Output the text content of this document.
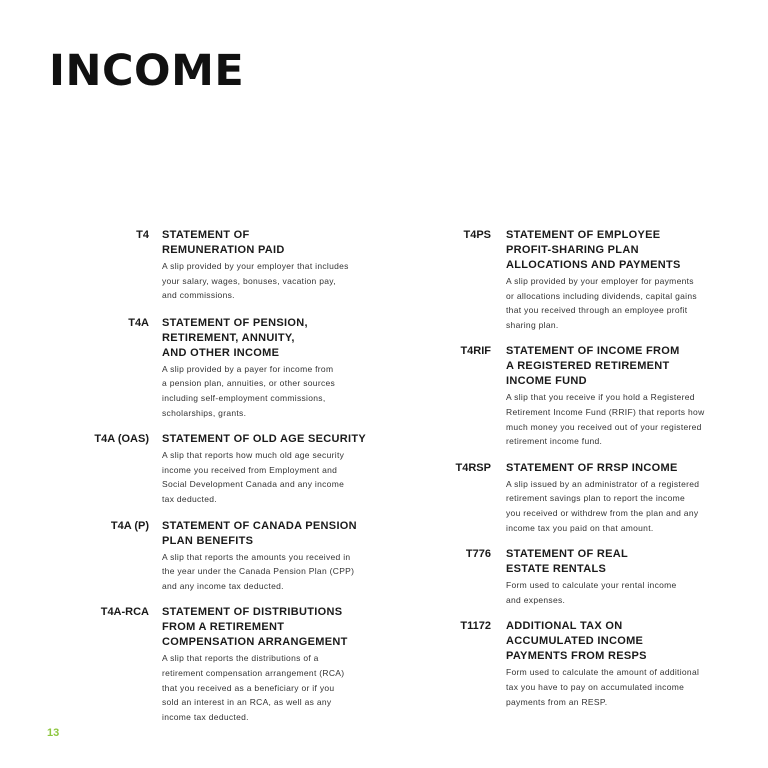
INCOME
T4 STATEMENT OF
REMUNERATION PAID
A slip provided by your employer that includes
your salary, wages, bonuses, vacation pay,
and commissions.
T4A STATEMENT OF PENSION,
RETIREMENT, ANNUITY,
AND OTHER INCOME
A slip provided by a payer for income from
a pension plan, annuities, or other sources
including self-employment commissions,
scholarships, grants.
T4A (OAS) STATEMENT OF OLD AGE SECURITY
A slip that reports how much old age security
income you received from Employment and
Social Development Canada and any income
tax deducted.
T4A (P) STATEMENT OF CANADA PENSION
PLAN BENEFITS
A slip that reports the amounts you received in
the year under the Canada Pension Plan (CPP)
and any income tax deducted.
T4A-RCA STATEMENT OF DISTRIBUTIONS
FROM A RETIREMENT
COMPENSATION ARRANGEMENT
A slip that reports the distributions of a
retirement compensation arrangement (RCA)
that you received as a beneficiary or if you
sold an interest in an RCA, as well as any
income tax deducted.
T4PS STATEMENT OF EMPLOYEE
PROFIT-SHARING PLAN
ALLOCATIONS AND PAYMENTS
A slip provided by your employer for payments
or allocations including dividends, capital gains
that you received through an employee profit
sharing plan.
T4RIF STATEMENT OF INCOME FROM
A REGISTERED RETIREMENT
INCOME FUND
A slip that you receive if you hold a Registered
Retirement Income Fund (RRIF) that reports how
much money you received out of your registered
retirement income fund.
T4RSP STATEMENT OF RRSP INCOME
A slip issued by an administrator of a registered
retirement savings plan to report the income
you received or withdrew from the plan and any
income tax you paid on that amount.
T776 STATEMENT OF REAL
ESTATE RENTALS
Form used to calculate your rental income
and expenses.
T1172 ADDITIONAL TAX ON
ACCUMULATED INCOME
PAYMENTS FROM RESPS
Form used to calculate the amount of additional
tax you have to pay on accumulated income
payments from an RESP.
13
